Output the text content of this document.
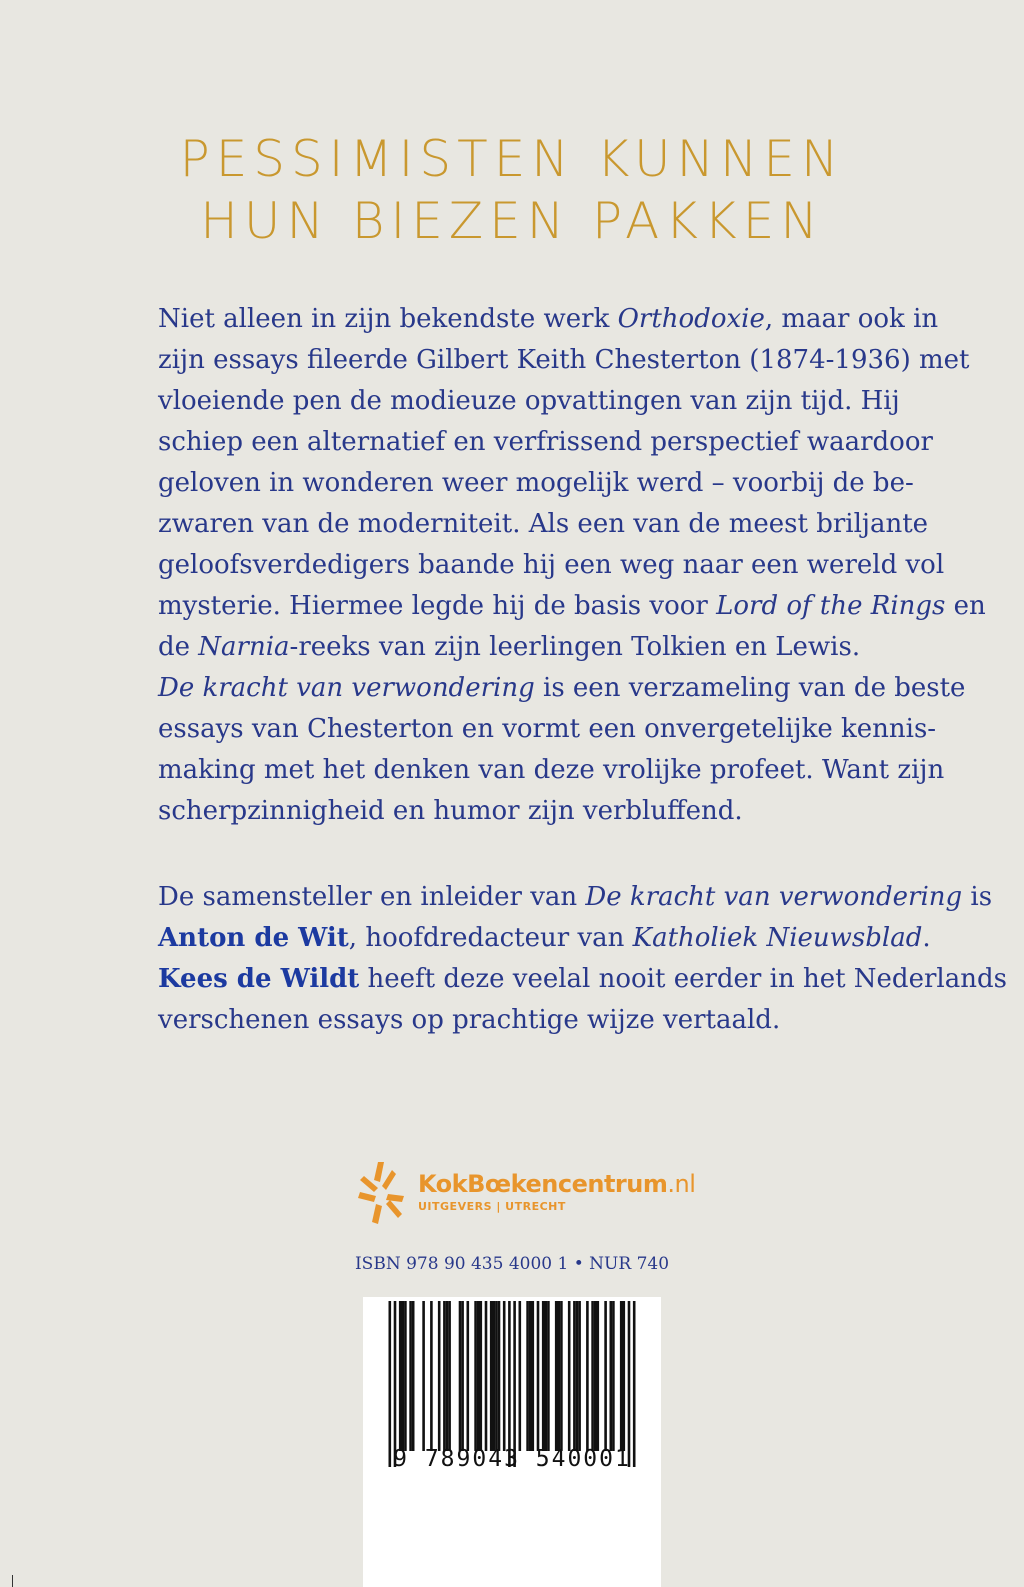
PESSIMISTEN KUNNEN
HUN BIEZEN PAKKEN
Niet alleen in zijn bekendste werk Orthodoxie, maar ook in
zijn essays fileerde Gilbert Keith Chesterton (1874-1936) met
vloeiende pen de modieuze opvattingen van zijn tijd. Hij
schiep een alternatief en verfrissend perspectief waardoor
geloven in wonderen weer mogelijk werd – voorbij de be-
zwaren van de moderniteit. Als een van de meest briljante
geloofsverdedigers baande hij een weg naar een wereld vol
mysterie. Hiermee legde hij de basis voor Lord of the Rings en
de Narnia-reeks van zijn leerlingen Tolkien en Lewis.
De kracht van verwondering is een verzameling van de beste
essays van Chesterton en vormt een onvergetelijke kennis-
making met het denken van deze vrolijke profeet. Want zijn
scherpzinnigheid en humor zijn verbluffend.
De samensteller en inleider van De kracht van verwondering is
Anton de Wit, hoofdredacteur van Katholiek Nieuwsblad.
Kees de Wildt heeft deze veelal nooit eerder in het Nederlands
verschenen essays op prachtige wijze vertaald.
KokBœkencentrum.nl
UITGEVERS | UTRECHT
ISBN 978 90 435 4000 1 • NUR 740
9 789043 540001
